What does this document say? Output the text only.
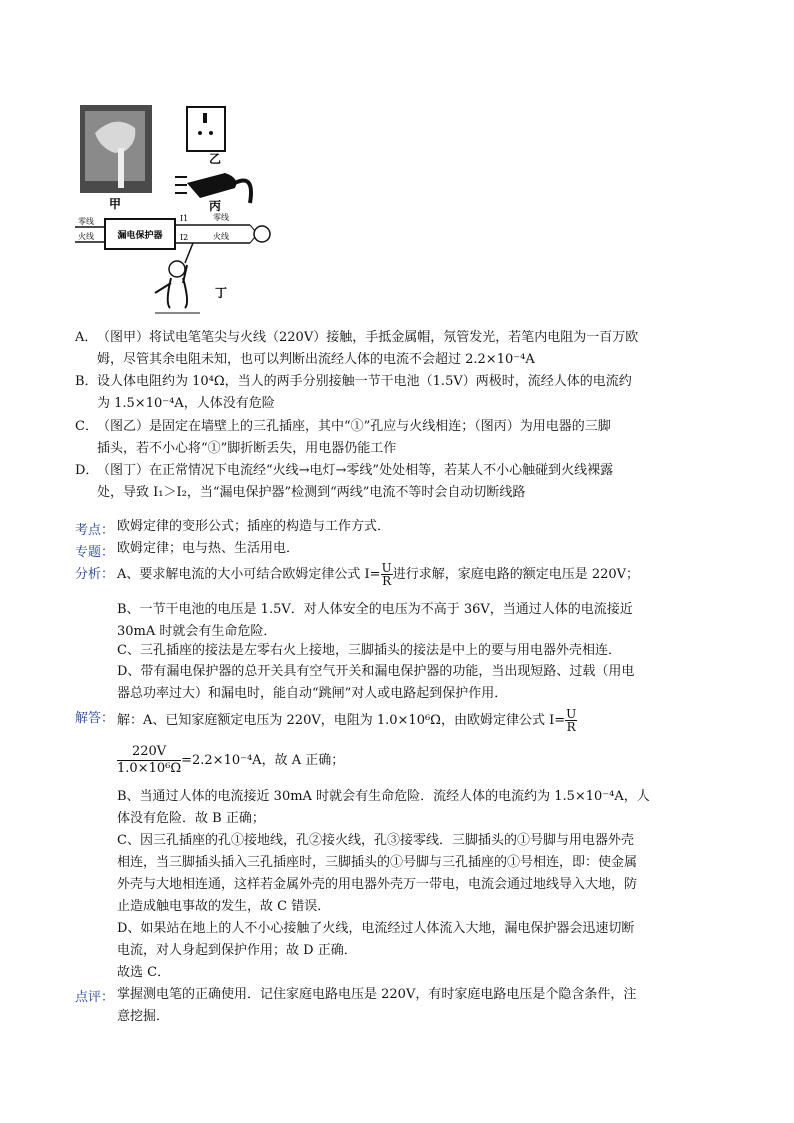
甲
乙
丙
零线
火线	漏电保护器
I1
I2
零线
火线
丁
A．（图甲）将试电笔笔尖与火线（220V）接触，手抵金属帽，氖管发光，若笔内电阻为一百万欧
姆，尽管其余电阻未知，也可以判断出流经人体的电流不会超过 2.2×10⁻⁴A
B．设人体电阻约为 10⁴Ω，当人的两手分别接触一节干电池（1.5V）两极时，流经人体的电流约
为 1.5×10⁻⁴A，人体没有危险
C．（图乙）是固定在墙壁上的三孔插座，其中“①”孔应与火线相连；（图丙）为用电器的三脚
插头，若不小心将“①”脚折断丢失，用电器仍能工作
D．（图丁）在正常情况下电流经“火线→电灯→零线”处处相等，若某人不小心触碰到火线裸露
处，导致 I₁＞I₂，当“漏电保护器”检测到“两线”电流不等时会自动切断线路
考点： 欧姆定律的变形公式；插座的构造与工作方式．
专题： 欧姆定律；电与热、生活用电．
分析： A、要求解电流的大小可结合欧姆定律公式 $I= \frac{U}{R}$ 进行求解，家庭电路的额定电压是 220V；
B、一节干电池的电压是 1.5V．对人体安全的电压为不高于 36V，当通过人体的电流接近
30mA 时就会有生命危险．
C、三孔插座的接法是左零右火上接地，三脚插头的接法是中上的要与用电器外壳相连．
D、带有漏电保护器的总开关具有空气开关和漏电保护器的功能，当出现短路、过载（用电
器总功率过大）和漏电时，能自动“跳闸”对人或电路起到保护作用．
解答： 解：A、已知家庭额定电压为 220V，电阻为 1.0×10⁶Ω，由欧姆定律公式 $I= \frac{U}{R}$
$\frac{220V}{\text{1.0×10⁶Ω}} =2.2\times 10^{-4}A$，故 A 正确；
B、当通过人体的电流接近 30mA 时就会有生命危险．流经人体的电流约为 1.5×10⁻⁴A，人
体没有危险．故 B 正确；
C、因三孔插座的孔①接地线，孔②接火线，孔③接零线．三脚插头的①号脚与用电器外壳
相连，当三脚插头插入三孔插座时，三脚插头的①号脚与三孔插座的①号相连，即：使金属
外壳与大地相连通，这样若金属外壳的用电器外壳万一带电，电流会通过地线导入大地，防
止造成触电事故的发生，故 C 错误．
D、如果站在地上的人不小心接触了火线，电流经过人体流入大地，漏电保护器会迅速切断
电流，对人身起到保护作用；故 D 正确．
故选 C．
点评： 掌握测电笔的正确使用．记住家庭电路电压是 220V，有时家庭电路电压是个隐含条件，注
意挖掘．
